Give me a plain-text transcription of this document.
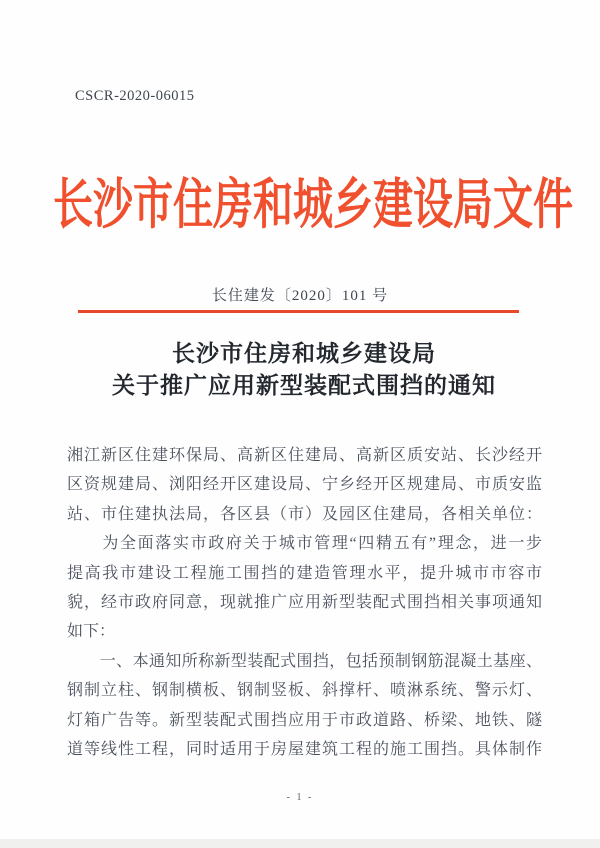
CSCR-2020-06015
长沙市住房和城乡建设局文件
长住建发〔2020〕101 号
长沙市住房和城乡建设局
关于推广应用新型装配式围挡的通知
湘江新区住建环保局、高新区住建局、高新区质安站、长沙经开
区资规建局、浏阳经开区建设局、宁乡经开区规建局、市质安监
站、市住建执法局，各区县（市）及园区住建局，各相关单位：
　　为全面落实市政府关于城市管理“四精五有”理念，进一步
提高我市建设工程施工围挡的建造管理水平，提升城市市容市
貌，经市政府同意，现就推广应用新型装配式围挡相关事项通知
如下：
　　一、本通知所称新型装配式围挡，包括预制钢筋混凝土基座、
钢制立柱、钢制横板、钢制竖板、斜撑杆、喷淋系统、警示灯、
灯箱广告等。新型装配式围挡应用于市政道路、桥梁、地铁、隧
道等线性工程，同时适用于房屋建筑工程的施工围挡。具体制作
- 1 -
